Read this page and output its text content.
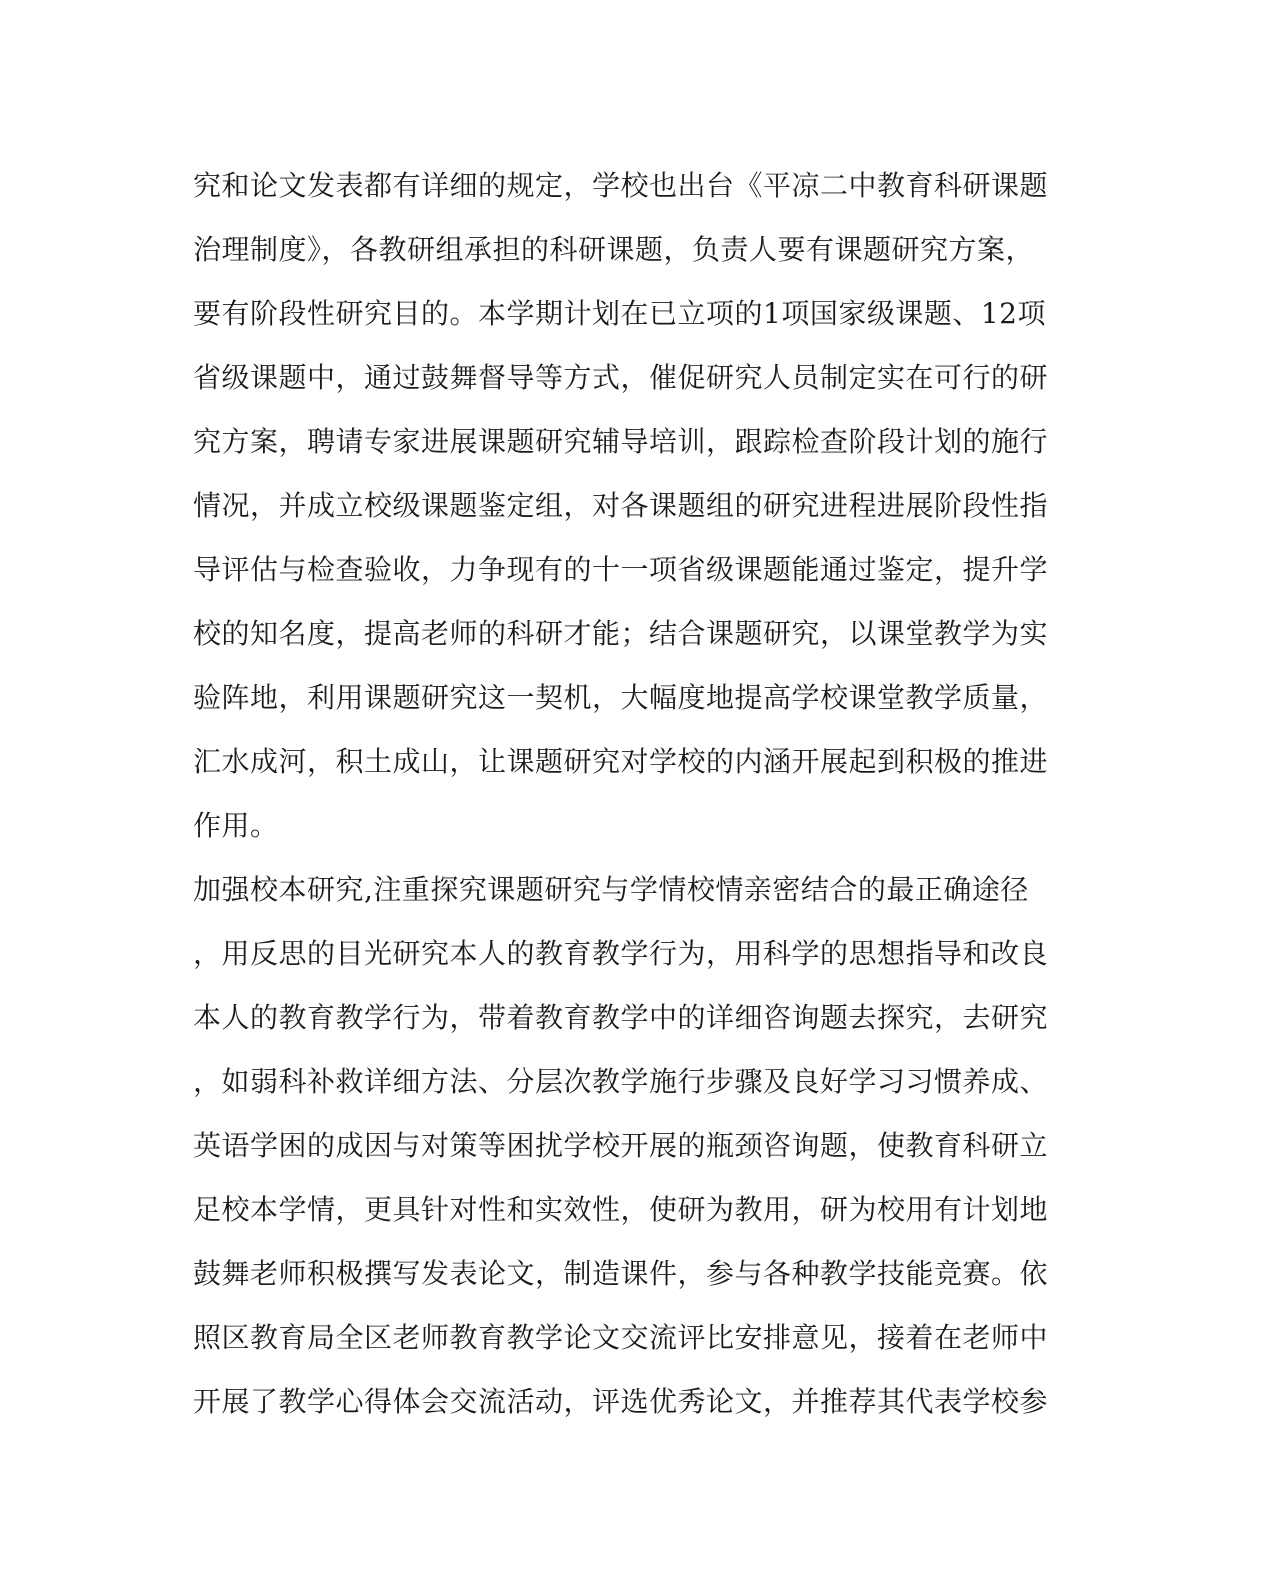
究和论文发表都有详细的规定，学校也出台《平凉二中教育科研课题
治理制度》，各教研组承担的科研课题，负责人要有课题研究方案，
要有阶段性研究目的。本学期计划在已立项的1项国家级课题、12项
省级课题中，通过鼓舞督导等方式，催促研究人员制定实在可行的研
究方案，聘请专家进展课题研究辅导培训，跟踪检查阶段计划的施行
情况，并成立校级课题鉴定组，对各课题组的研究进程进展阶段性指
导评估与检查验收，力争现有的十一项省级课题能通过鉴定，提升学
校的知名度，提高老师的科研才能；结合课题研究，以课堂教学为实
验阵地，利用课题研究这一契机，大幅度地提高学校课堂教学质量，
汇水成河，积土成山，让课题研究对学校的内涵开展起到积极的推进
作用。
加强校本研究,注重探究课题研究与学情校情亲密结合的最正确途径
，用反思的目光研究本人的教育教学行为，用科学的思想指导和改良
本人的教育教学行为，带着教育教学中的详细咨询题去探究，去研究
，如弱科补救详细方法、分层次教学施行步骤及良好学习习惯养成、
英语学困的成因与对策等困扰学校开展的瓶颈咨询题，使教育科研立
足校本学情，更具针对性和实效性，使研为教用，研为校用有计划地
鼓舞老师积极撰写发表论文，制造课件，参与各种教学技能竞赛。依
照区教育局全区老师教育教学论文交流评比安排意见，接着在老师中
开展了教学心得体会交流活动，评选优秀论文，并推荐其代表学校参
